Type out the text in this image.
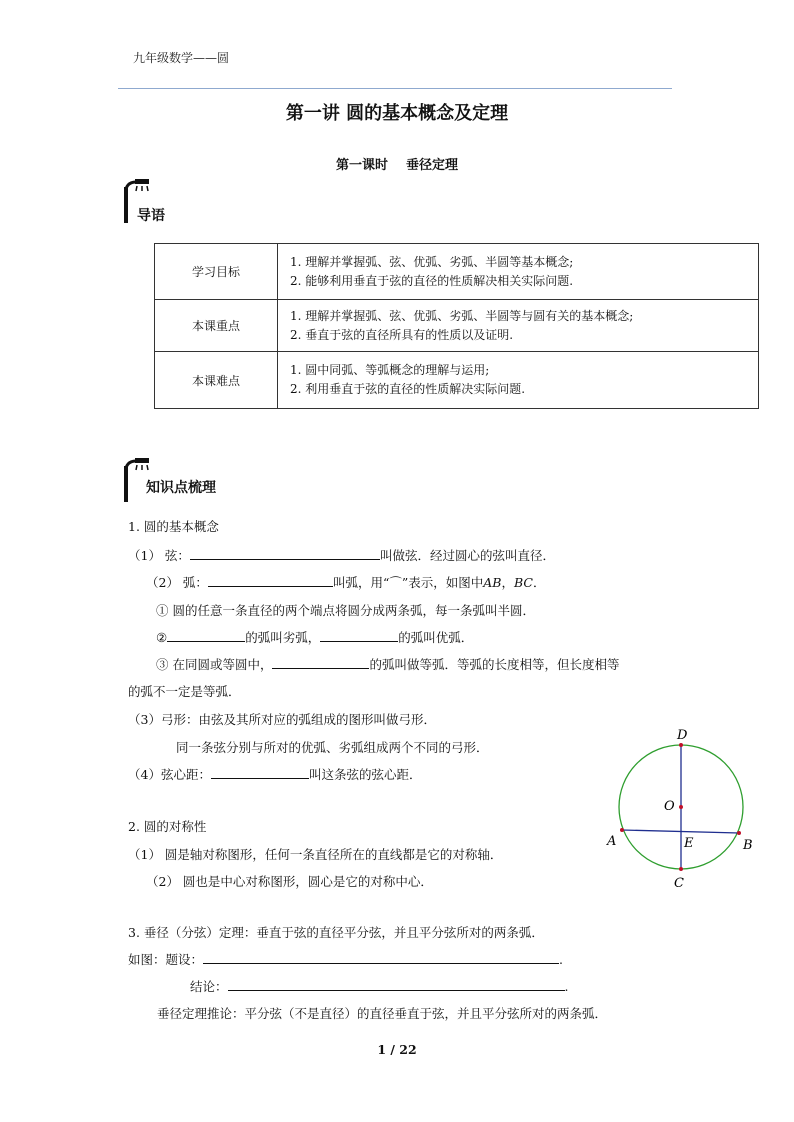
九年级数学——圆
第一讲 圆的基本概念及定理
第一课时 垂径定理
导语
学习目标	1. 理解并掌握弧、弦、优弧、劣弧、半圆等基本概念;
2. 能够利用垂直于弦的直径的性质解决相关实际问题.

本课重点	1. 理解并掌握弧、弦、优弧、劣弧、半圆等与圆有关的基本概念;
2. 垂直于弦的直径所具有的性质以及证明.

本课难点	1. 圆中同弧、等弧概念的理解与运用;
2. 利用垂直于弦的直径的性质解决实际问题.
知识点梳理
1. 圆的基本概念
（1） 弦：	叫做弦．经过圆心的弦叫直径．
（2） 弧：	叫弧，用“⌒”表示，如图中AB，BC．
① 圆的任意一条直径的两个端点将圆分成两条弧，每一条弧叫半圆．
②	的弧叫劣弧，	的弧叫优弧．
③ 在同圆或等圆中，	的弧叫做等弧．等弧的长度相等，但长度相等
的弧不一定是等弧．
（3）弓形：由弦及其所对应的弧组成的图形叫做弓形．
同一条弦分别与所对的优弧、劣弧组成两个不同的弓形．
（4）弦心距：	叫这条弦的弦心距．
2. 圆的对称性
（1） 圆是轴对称图形，任何一条直径所在的直线都是它的对称轴．
（2） 圆也是中心对称图形，圆心是它的对称中心．
3. 垂径（分弦）定理：垂直于弦的直径平分弦，并且平分弦所对的两条弧．
如图：题设：	.
结论：	.
垂径定理推论：平分弦（不是直径）的直径垂直于弦，并且平分弦所对的两条弧．
D
O
A	E	B
C
1 / 22
